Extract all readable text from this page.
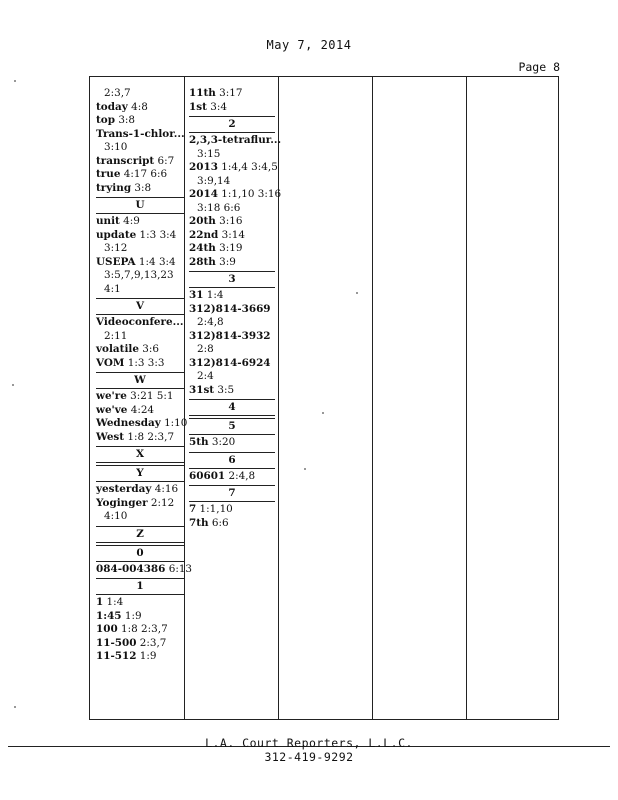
May 7, 2014
Page 8
2:3,7
today 4:8
top 3:8
Trans-1-chlor...
3:10
transcript 6:7
true 4:17 6:6
trying 3:8
U
unit 4:9
update 1:3 3:4
3:12
USEPA 1:4 3:4
3:5,7,9,13,23
4:1
V
Videoconfere...
2:11
volatile 3:6
VOM 1:3 3:3
W
we're 3:21 5:1
we've 4:24
Wednesday 1:10
West 1:8 2:3,7
X
Y
yesterday 4:16
Yoginger 2:12
4:10
Z
0
084-004386 6:13
1
1 1:4
1:45 1:9
100 1:8 2:3,7
11-500 2:3,7
11-512 1:9
11th 3:17
1st 3:4
2
2,3,3-tetraflur...
3:15
2013 1:4,4 3:4,5
3:9,14
2014 1:1,10 3:16
3:18 6:6
20th 3:16
22nd 3:14
24th 3:19
28th 3:9
3
31 1:4
312)814-3669
2:4,8
312)814-3932
2:8
312)814-6924
2:4
31st 3:5
4
5
5th 3:20
6
60601 2:4,8
7
7 1:1,10
7th 6:6
L.A. Court Reporters, L.L.C.
312-419-9292
